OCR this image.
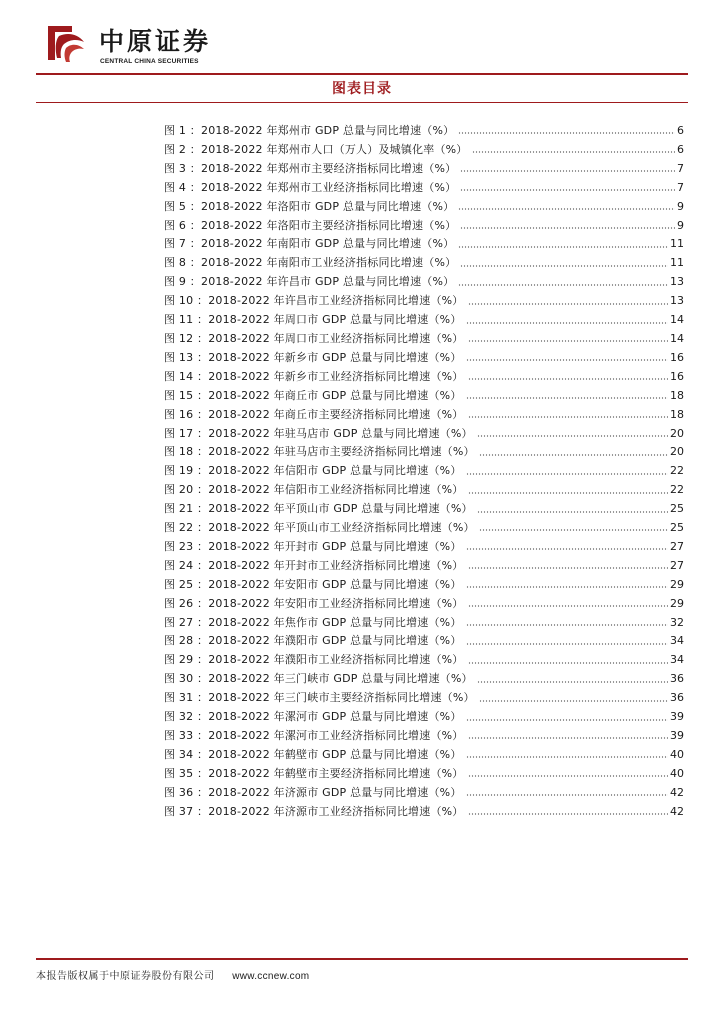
中原证券
CENTRAL CHINA SECURITIES
图表目录
图 1 ：2018-2022 年郑州市 GDP 总量与同比增速（%）	6
图 2 ：2018-2022 年郑州市人口（万人）及城镇化率（%）	6
图 3 ：2018-2022 年郑州市主要经济指标同比增速（%）	7
图 4 ：2018-2022 年郑州市工业经济指标同比增速（%）	7
图 5 ：2018-2022 年洛阳市 GDP 总量与同比增速（%）	9
图 6 ：2018-2022 年洛阳市主要经济指标同比增速（%）	9
图 7 ：2018-2022 年南阳市 GDP 总量与同比增速（%）	11
图 8 ：2018-2022 年南阳市工业经济指标同比增速（%）	11
图 9 ：2018-2022 年许昌市 GDP 总量与同比增速（%）	13
图 10 ：2018-2022 年许昌市工业经济指标同比增速（%）	13
图 11 ：2018-2022 年周口市 GDP 总量与同比增速（%）	14
图 12 ：2018-2022 年周口市工业经济指标同比增速（%）	14
图 13 ：2018-2022 年新乡市 GDP 总量与同比增速（%）	16
图 14 ：2018-2022 年新乡市工业经济指标同比增速（%）	16
图 15 ：2018-2022 年商丘市 GDP 总量与同比增速（%）	18
图 16 ：2018-2022 年商丘市主要经济指标同比增速（%）	18
图 17 ：2018-2022 年驻马店市 GDP 总量与同比增速（%）	20
图 18 ：2018-2022 年驻马店市主要经济指标同比增速（%）	20
图 19 ：2018-2022 年信阳市 GDP 总量与同比增速（%）	22
图 20 ：2018-2022 年信阳市工业经济指标同比增速（%）	22
图 21 ：2018-2022 年平顶山市 GDP 总量与同比增速（%）	25
图 22 ：2018-2022 年平顶山市工业经济指标同比增速（%）	25
图 23 ：2018-2022 年开封市 GDP 总量与同比增速（%）	27
图 24 ：2018-2022 年开封市工业经济指标同比增速（%）	27
图 25 ：2018-2022 年安阳市 GDP 总量与同比增速（%）	29
图 26 ：2018-2022 年安阳市工业经济指标同比增速（%）	29
图 27 ：2018-2022 年焦作市 GDP 总量与同比增速（%）	32
图 28 ：2018-2022 年濮阳市 GDP 总量与同比增速（%）	34
图 29 ：2018-2022 年濮阳市工业经济指标同比增速（%）	34
图 30 ：2018-2022 年三门峡市 GDP 总量与同比增速（%）	36
图 31 ：2018-2022 年三门峡市主要经济指标同比增速（%）	36
图 32 ：2018-2022 年漯河市 GDP 总量与同比增速（%）	39
图 33 ：2018-2022 年漯河市工业经济指标同比增速（%）	39
图 34 ：2018-2022 年鹤壁市 GDP 总量与同比增速（%）	40
图 35 ：2018-2022 年鹤壁市主要经济指标同比增速（%）	40
图 36 ：2018-2022 年济源市 GDP 总量与同比增速（%）	42
图 37 ：2018-2022 年济源市工业经济指标同比增速（%）	42
本报告版权属于中原证券股份有限公司 www.ccnew.com
